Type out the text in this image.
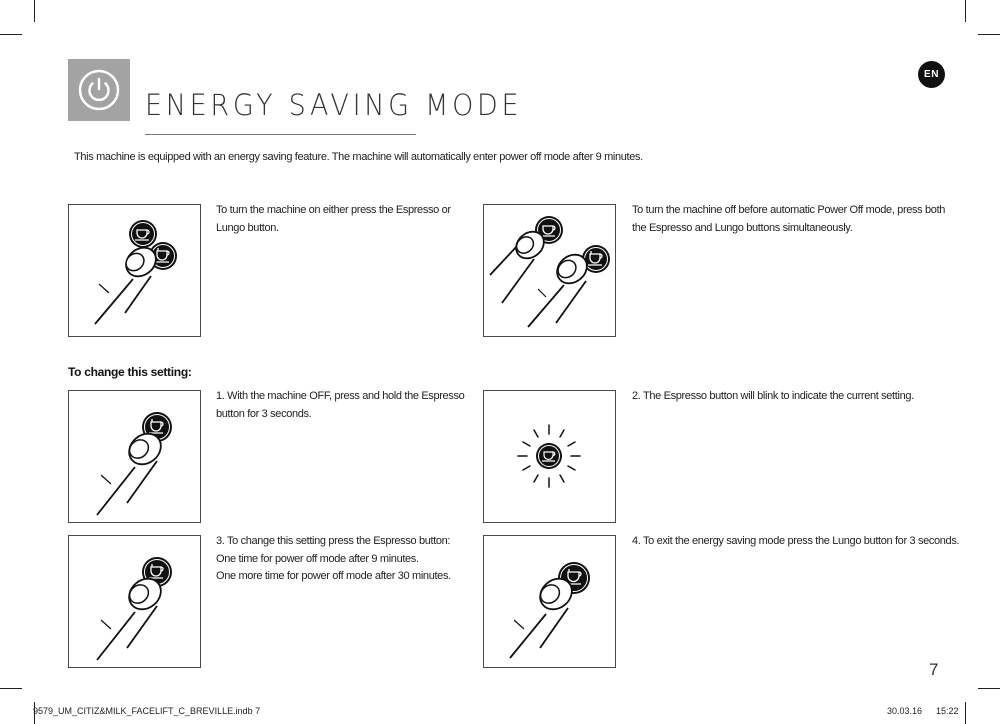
ENERGY SAVING MODE
EN
This machine is equipped with an energy saving feature. The machine will automatically enter power off mode after 9 minutes.
To turn the machine on either press the Espresso or
Lungo button.
To turn the machine off before automatic Power Off mode, press both
the Espresso and Lungo buttons simultaneously.
To change this setting:
1. With the machine OFF, press and hold the Espresso
button for 3 seconds.
2. The Espresso button will blink to indicate the current setting.
3. To change this setting press the Espresso button:
One time for power off mode after 9 minutes.
One more time for power off mode after 30 minutes.
4. To exit the energy saving mode press the Lungo button for 3 seconds.
7
9579_UM_CITIZ&MILK_FACELIFT_C_BREVILLE.indb 7	30.03.16 15:22
